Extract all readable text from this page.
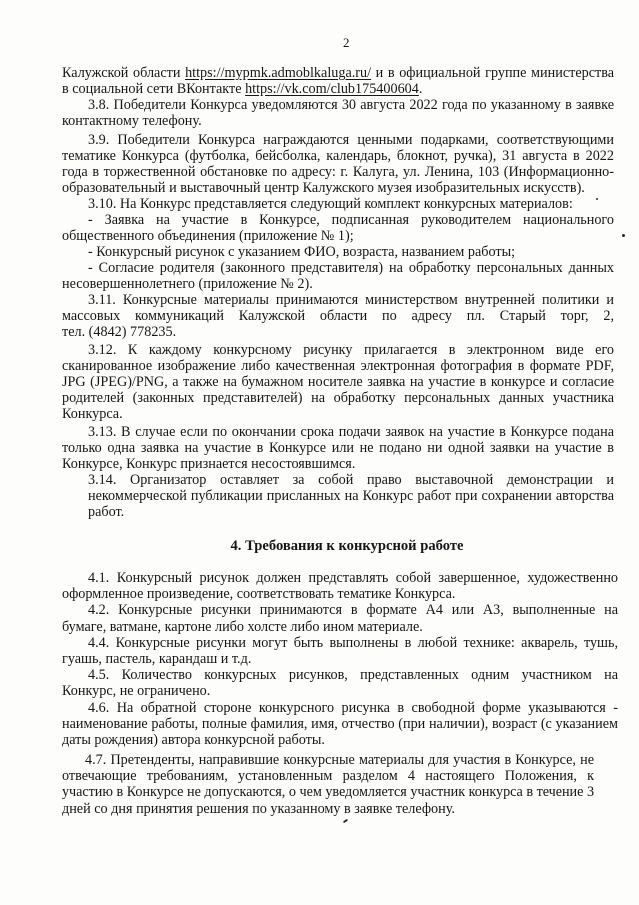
2
Калужской области https://mypmk.admoblkaluga.ru/ и в официальной группе министерства
в социальной сети ВКонтакте https://vk.com/club175400604.
3.8. Победители Конкурса уведомляются 30 августа 2022 года по указанному в заявке
контактному телефону.
3.9. Победители Конкурса награждаются ценными подарками, соответствующими
тематике Конкурса (футболка, бейсболка, календарь, блокнот, ручка), 31 августа в 2022
года в торжественной обстановке по адресу: г. Калуга, ул. Ленина, 103 (Информационно-
образовательный и выставочный центр Калужского музея изобразительных искусств).
3.10. На Конкурс представляется следующий комплект конкурсных материалов:
- Заявка на участие в Конкурсе, подписанная руководителем национального
общественного объединения (приложение № 1);
- Конкурсный рисунок с указанием ФИО, возраста, названием работы;
- Согласие родителя (законного представителя) на обработку персональных данных
несовершеннолетнего (приложение № 2).
3.11. Конкурсные материалы принимаются министерством внутренней политики и
массовых коммуникаций Калужской области по адресу пл. Старый торг, 2,
тел. (4842) 778235.
3.12. К каждому конкурсному рисунку прилагается в электронном виде его
сканированное изображение либо качественная электронная фотография в формате PDF,
JPG (JPEG)/PNG, а также на бумажном носителе заявка на участие в конкурсе и согласие
родителей (законных представителей) на обработку персональных данных участника
Конкурса.
3.13. В случае если по окончании срока подачи заявок на участие в Конкурсе подана
только одна заявка на участие в Конкурсе или не подано ни одной заявки на участие в
Конкурсе, Конкурс признается несостоявшимся.
3.14. Организатор оставляет за собой право выставочной демонстрации и
некоммерческой публикации присланных на Конкурс работ при сохранении авторства
работ.
4. Требования к конкурсной работе
4.1. Конкурсный рисунок должен представлять собой завершенное, художественно
оформленное произведение, соответствовать тематике Конкурса.
4.2. Конкурсные рисунки принимаются в формате А4 или А3, выполненные на
бумаге, ватмане, картоне либо холсте либо ином материале.
4.4. Конкурсные рисунки могут быть выполнены в любой технике: акварель, тушь,
гуашь, пастель, карандаш и т.д.
4.5. Количество конкурсных рисунков, представленных одним участником на
Конкурс, не ограничено.
4.6. На обратной стороне конкурсного рисунка в свободной форме указываются -
наименование работы, полные фамилия, имя, отчество (при наличии), возраст (с указанием
даты рождения) автора конкурсной работы.
4.7. Претенденты, направившие конкурсные материалы для участия в Конкурсе, не
отвечающие требованиям, установленным разделом 4 настоящего Положения, к
участию в Конкурсе не допускаются, о чем уведомляется участник конкурса в течение 3
дней со дня принятия решения по указанному в заявке телефону.
